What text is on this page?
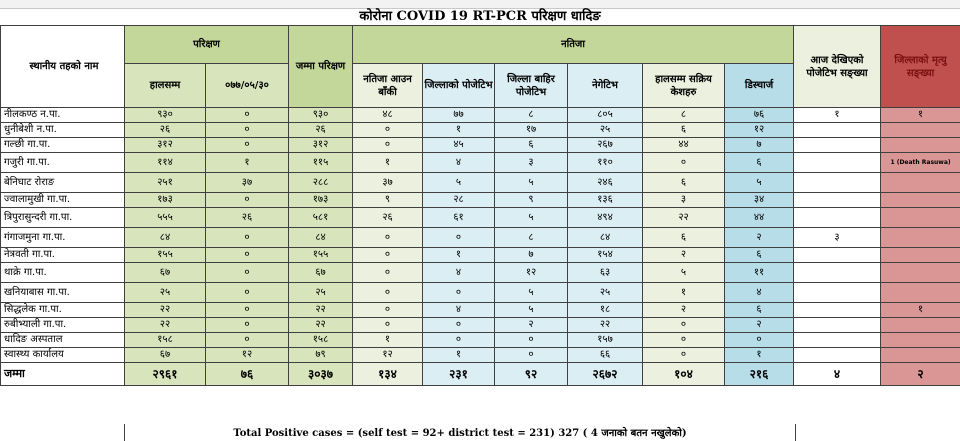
कोरोना COVID 19 RT-PCR परिक्षण धादिङ
स्थानीय तहको नाम	परिक्षण		जम्मा परिक्षण	नतिजा						आज देखिएको पोजेटिभ सङ्ख्या	जिल्लाको मृत्यु सङ्ख्या
	हालसम्म	०७७/०५/३०		नतिजा आउन बाँकी	जिल्लाको पोजेटिभ	जिल्ला बाहिर पोजेटिभ	नेगेटिभ	हालसम्म सक्रिय केशहरु	डिस्चार्ज		
नीलकण्ठ न.पा.	९३०	०	९३०	४८	७७	८	८०५	८	७६	१	१
धुनीबेशी न.पा.	२६	०	२६	०	१	१७	२५	६	१२		
गल्छी गा.पा.	३१२	०	३१२	०	४५	६	२६७	४४	७		
गजुरी गा.पा.	११४	१	११५	१	४	३	११०	०	६		1 (Death Rasuwa)
बेनिघाट रोराङ	२५१	३७	२८८	३७	५	५	२४६	६	५		
ज्वालामुखी गा.पा.	१७३	०	१७३	९	२८	९	१३६	३	३४		
त्रिपुरासुन्दरी गा.पा.	५५५	२६	५८१	२६	६१	५	४९४	२२	४४		
गंगाजमुना गा.पा.	८४	०	८४	०	०	८	८४	६	२	३	
नेत्रवती गा.पा.	१५५	०	१५५	०	१	७	१५४	२	६		
थाक्रे गा.पा.	६७	०	६७	०	४	१२	६३	५	११		
खनियाबास गा.पा.	२५	०	२५	०	०	५	२५	१	४		
सिद्धलेक गा.पा.	२२	०	२२	०	४	५	१८	२	६		१
रुबीभ्याली गा.पा.	२२	०	२२	०	०	२	२२	०	२		
धादिङ अस्पताल	१५८	०	१५८	१	०	०	१५७	०	०		
स्वास्थ्य कार्यालय	६७	१२	७९	१२	१	०	६६	०	१		
जम्मा	२९६१	७६	३०३७	१३४	२३१	९२	२६७२	१०४	२१६	४	२
Total Positive cases = (self test = 92+ district test = 231) 327 ( 4 जनाको बतन नखुलेको)
